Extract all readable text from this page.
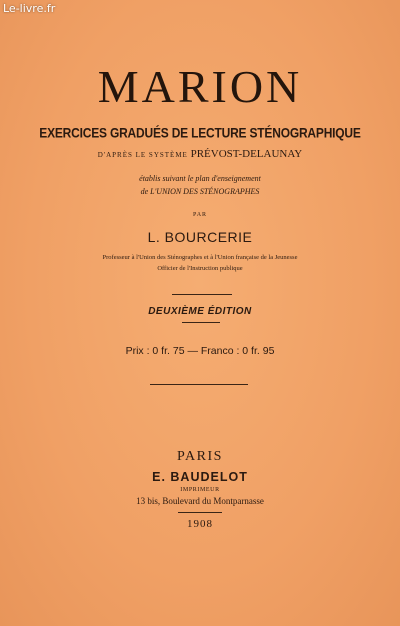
Le-livre.fr
MARION
EXERCICES GRADUÉS DE LECTURE STÉNOGRAPHIQUE
D'APRÈS LE SYSTÈME PRÉVOST-DELAUNAY
établis suivant le plan d'enseignement
de L'UNION DES STÉNOGRAPHES
PAR
L. BOURCERIE
Professeur à l'Union des Sténographes et à l'Union française de la Jeunesse
Officier de l'Instruction publique
DEUXIÈME ÉDITION
Prix : 0 fr. 75 — Franco : 0 fr. 95
PARIS
E. BAUDELOT
IMPRIMEUR
13 bis, Boulevard du Montparnasse
1908
